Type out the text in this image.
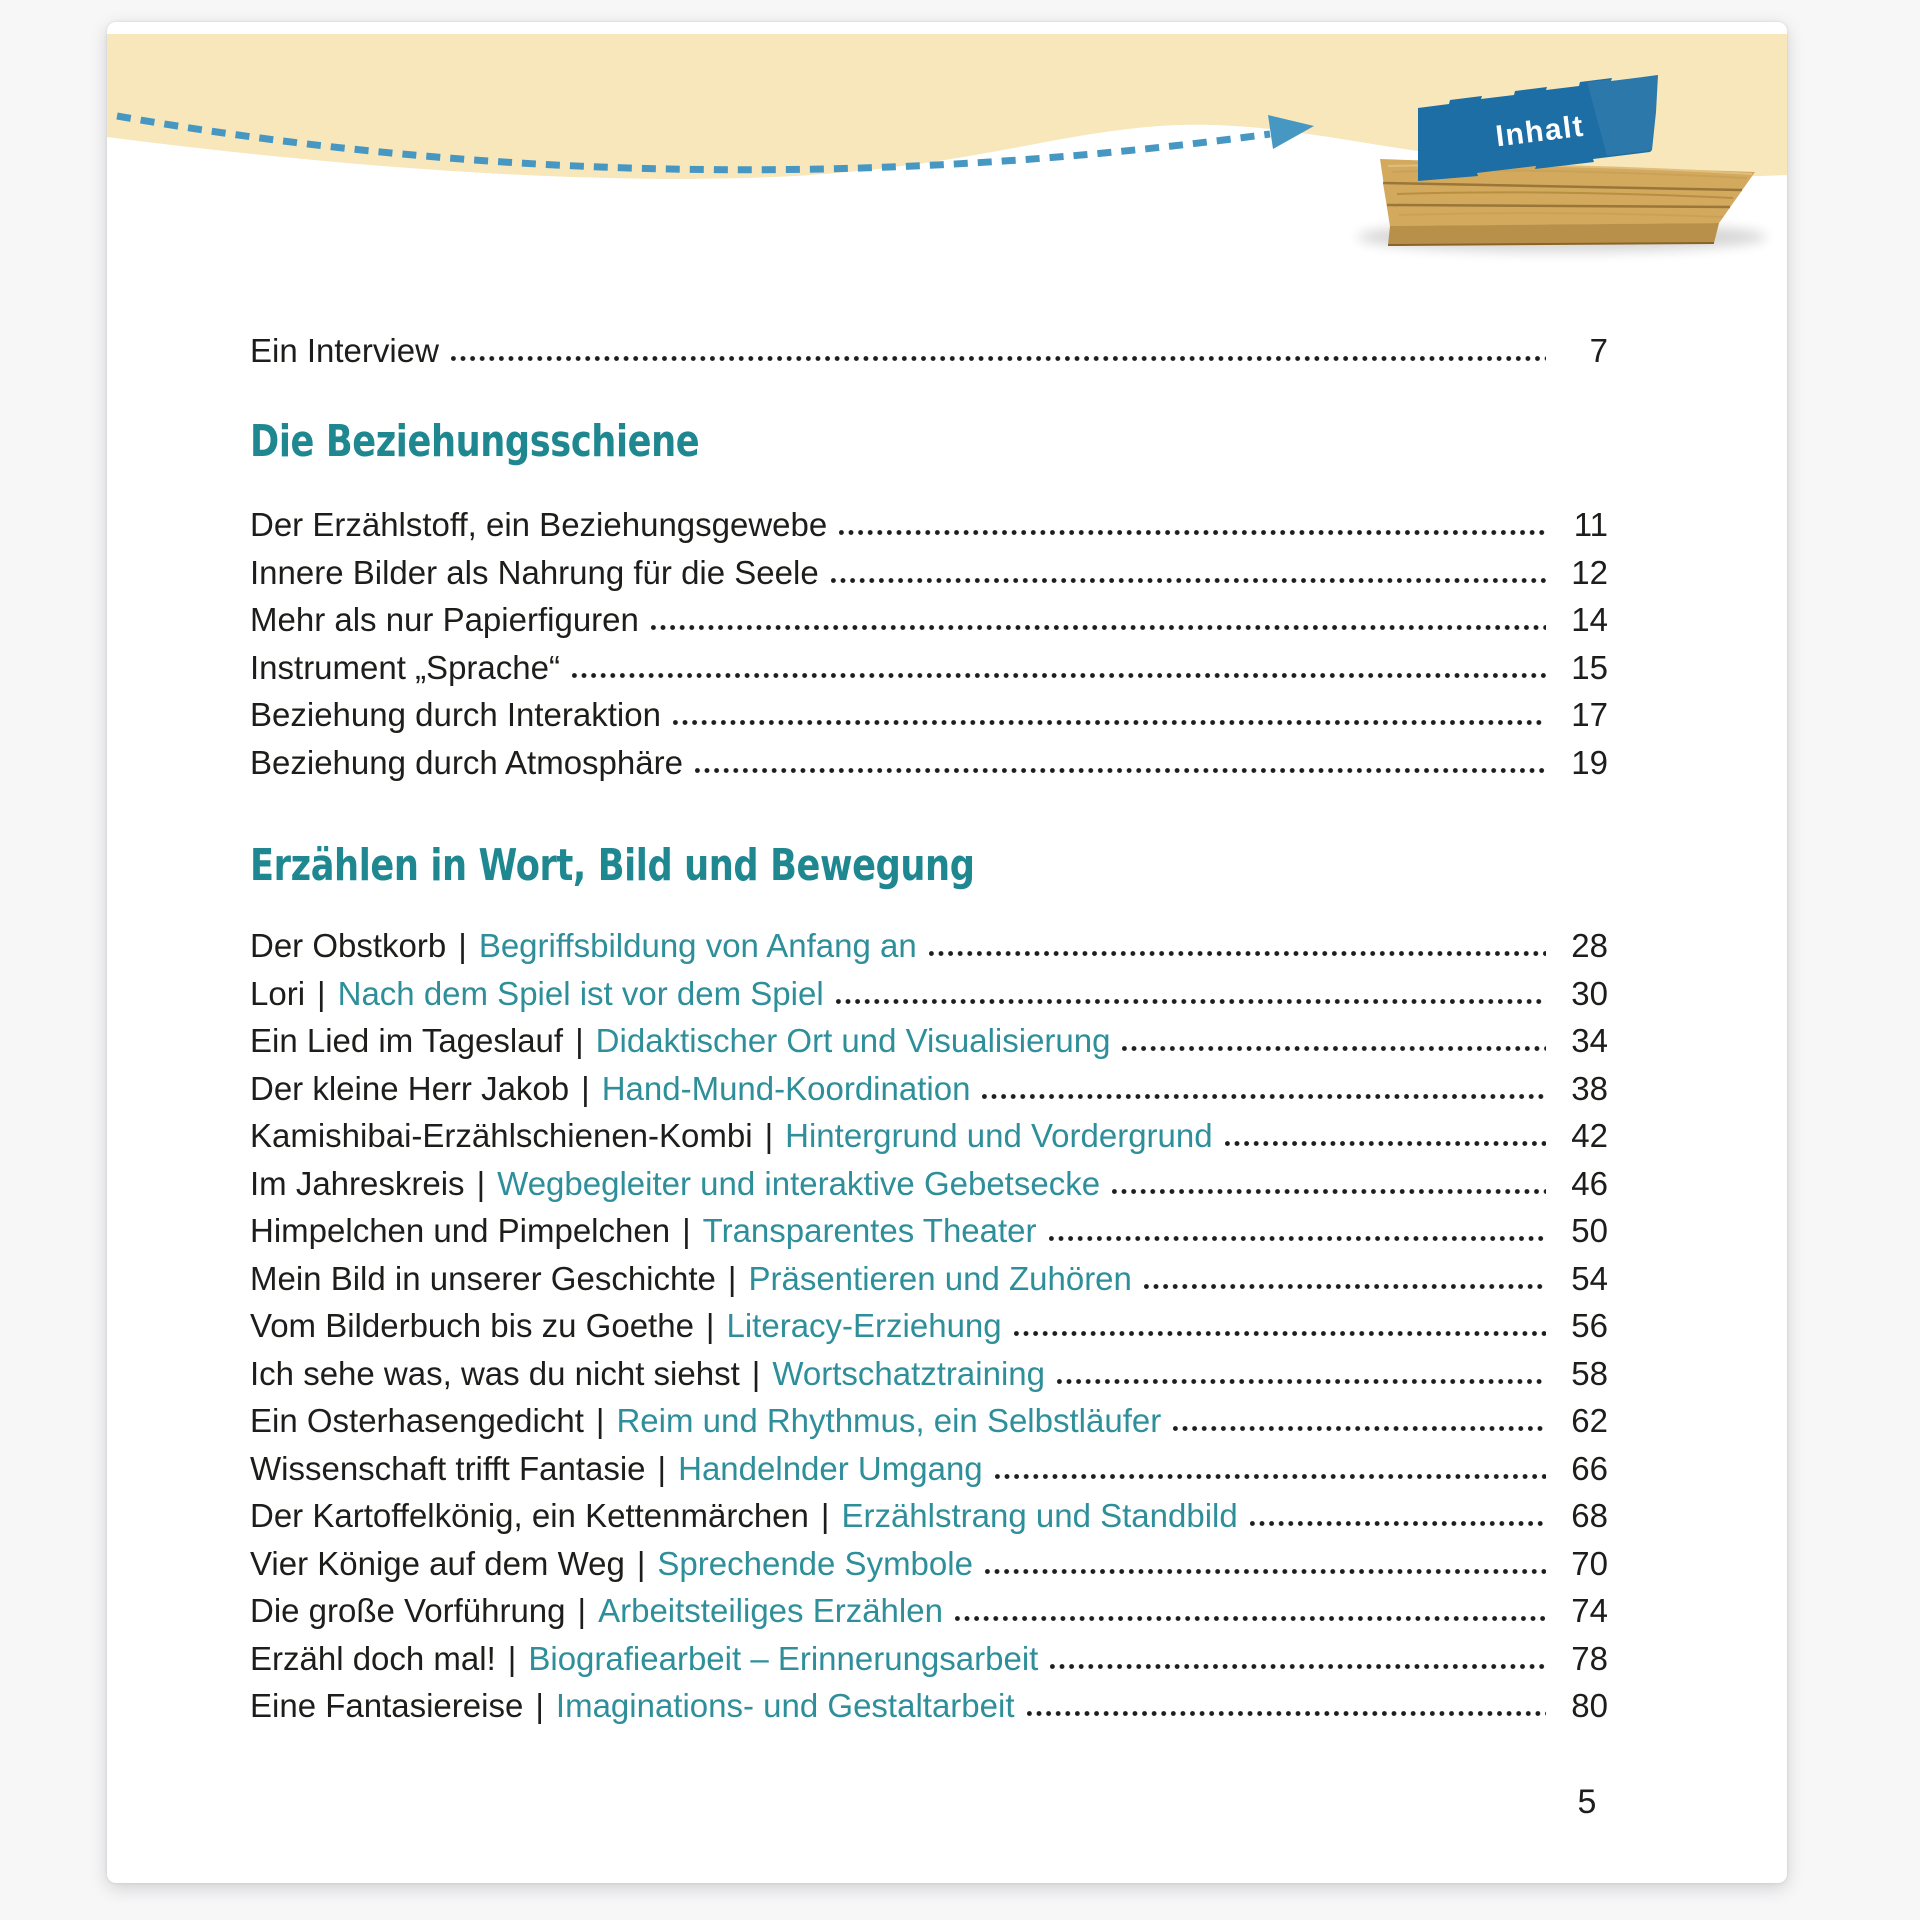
Inhalt
Ein Interview	7
Die Beziehungsschiene
Der Erzählstoff, ein Beziehungsgewebe	11
Innere Bilder als Nahrung für die Seele	12
Mehr als nur Papierfiguren	14
Instrument „Sprache“	15
Beziehung durch Interaktion	17
Beziehung durch Atmosphäre	19
Erzählen in Wort, Bild und Bewegung
Der Obstkorb | Begriffsbildung von Anfang an	28
Lori | Nach dem Spiel ist vor dem Spiel	30
Ein Lied im Tageslauf | Didaktischer Ort und Visualisierung	34
Der kleine Herr Jakob | Hand-Mund-Koordination	38
Kamishibai-Erzählschienen-Kombi | Hintergrund und Vordergrund	42
Im Jahreskreis | Wegbegleiter und interaktive Gebetsecke	46
Himpelchen und Pimpelchen | Transparentes Theater	50
Mein Bild in unserer Geschichte | Präsentieren und Zuhören	54
Vom Bilderbuch bis zu Goethe | Literacy-Erziehung	56
Ich sehe was, was du nicht siehst | Wortschatztraining	58
Ein Osterhasengedicht | Reim und Rhythmus, ein Selbstläufer	62
Wissenschaft trifft Fantasie | Handelnder Umgang	66
Der Kartoffelkönig, ein Kettenmärchen | Erzählstrang und Standbild	68
Vier Könige auf dem Weg | Sprechende Symbole	70
Die große Vorführung | Arbeitsteiliges Erzählen	74
Erzähl doch mal! | Biografiearbeit – Erinnerungsarbeit	78
Eine Fantasiereise | Imaginations- und Gestaltarbeit	80
5
